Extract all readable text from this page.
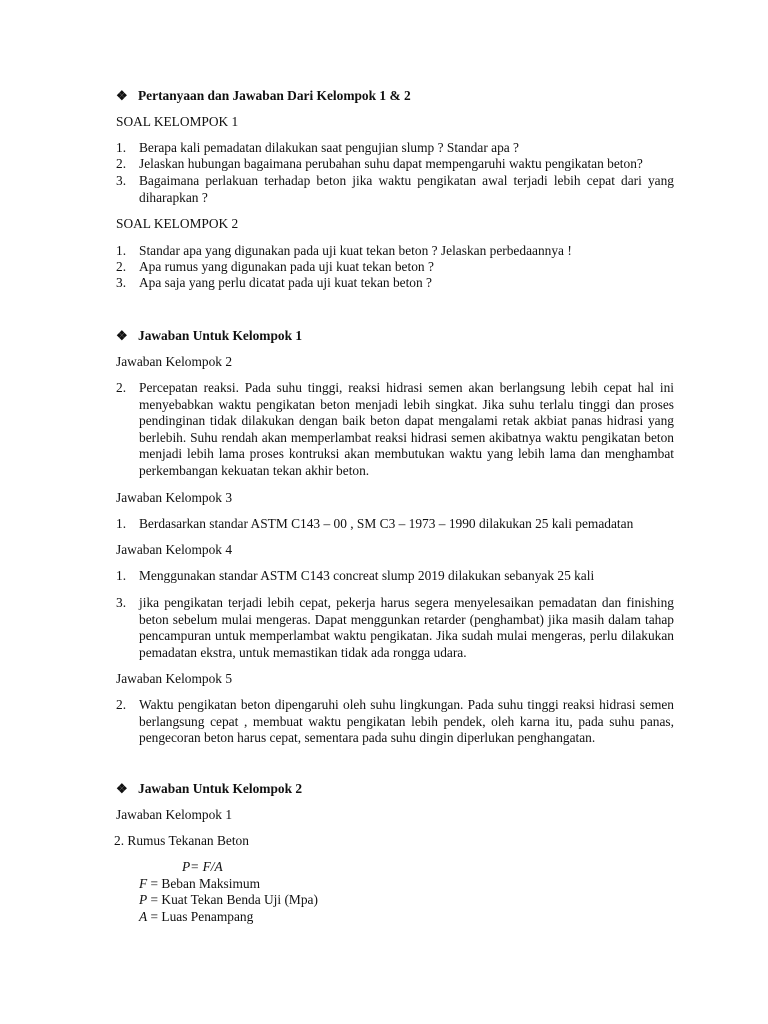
❖ Pertanyaan dan Jawaban Dari Kelompok 1 & 2
SOAL KELOMPOK 1
1. Berapa kali pemadatan dilakukan saat pengujian slump ? Standar apa ?
2. Jelaskan hubungan bagaimana perubahan suhu dapat mempengaruhi waktu pengikatan beton?
3. Bagaimana perlakuan terhadap beton jika waktu pengikatan awal terjadi lebih cepat dari yang diharapkan ?
SOAL KELOMPOK 2
1. Standar apa yang digunakan pada uji kuat tekan beton ? Jelaskan perbedaannya !
2. Apa rumus yang digunakan pada uji kuat tekan beton ?
3. Apa saja yang perlu dicatat pada uji kuat tekan beton ?
❖ Jawaban Untuk Kelompok 1
Jawaban Kelompok 2
2. Percepatan reaksi. Pada suhu tinggi, reaksi hidrasi semen akan berlangsung lebih cepat hal ini menyebabkan waktu pengikatan beton menjadi lebih singkat. Jika suhu terlalu tinggi dan proses pendinginan tidak dilakukan dengan baik beton dapat mengalami retak akbiat panas hidrasi yang berlebih. Suhu rendah akan memperlambat reaksi hidrasi semen akibatnya waktu pengikatan beton menjadi lebih lama proses kontruksi akan membutukan waktu yang lebih lama dan menghambat perkembangan kekuatan tekan akhir beton.
Jawaban Kelompok 3
1. Berdasarkan standar ASTM C143 – 00 , SM C3 – 1973 – 1990 dilakukan 25 kali pemadatan
Jawaban Kelompok 4
1. Menggunakan standar ASTM C143 concreat slump 2019 dilakukan sebanyak 25 kali
3. jika pengikatan terjadi lebih cepat, pekerja harus segera menyelesaikan pemadatan dan finishing beton sebelum mulai mengeras. Dapat menggunkan retarder (penghambat) jika masih dalam tahap pencampuran untuk memperlambat waktu pengikatan. Jika sudah mulai mengeras, perlu dilakukan pemadatan ekstra, untuk memastikan tidak ada rongga udara.
Jawaban Kelompok 5
2. Waktu pengikatan beton dipengaruhi oleh suhu lingkungan. Pada suhu tinggi reaksi hidrasi semen berlangsung cepat , membuat waktu pengikatan lebih pendek, oleh karna itu, pada suhu panas, pengecoran beton harus cepat, sementara pada suhu dingin diperlukan penghangatan.
❖ Jawaban Untuk Kelompok 2
Jawaban Kelompok 1
2. Rumus Tekanan Beton
P= F/A
F = Beban Maksimum
P = Kuat Tekan Benda Uji (Mpa)
A = Luas Penampang
